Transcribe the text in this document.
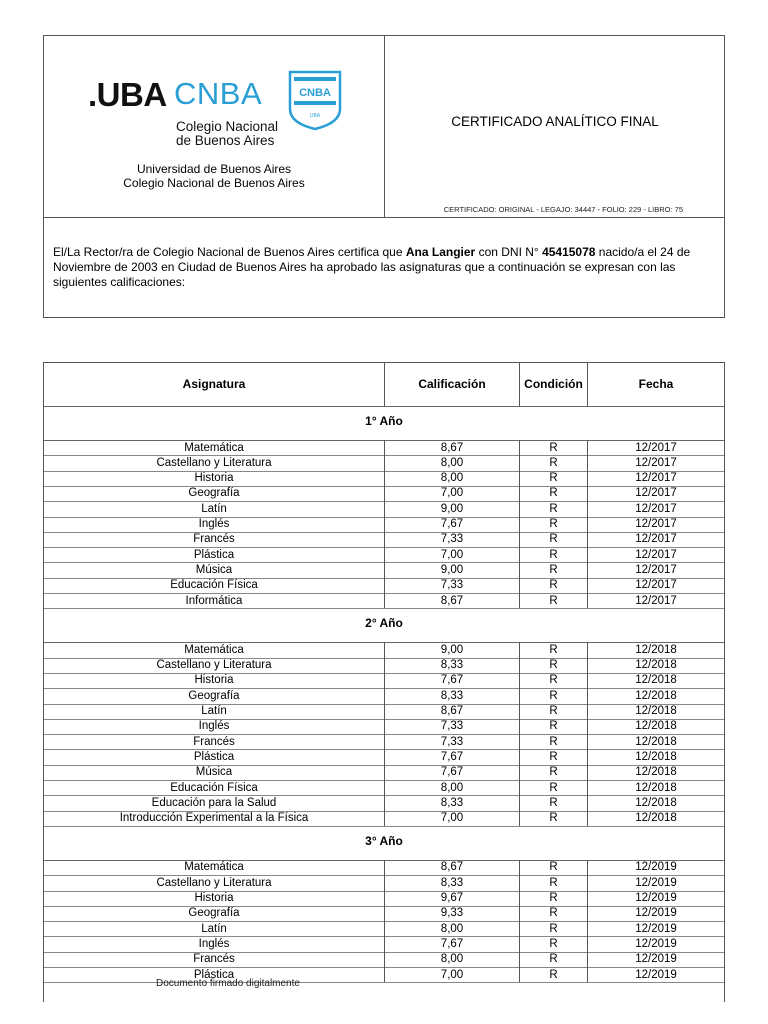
.UBA CNBA
Colegio Nacional
de Buenos Aires
CNBA
UBA
Universidad de Buenos Aires
Colegio Nacional de Buenos Aires
CERTIFICADO ANALÍTICO FINAL
CERTIFICADO: ORIGINAL - LEGAJO: 34447 - FOLIO: 229 - LIBRO: 75
El/La Rector/ra de Colegio Nacional de Buenos Aires certifica que Ana Langier con DNI N° 45415078 nacido/a el 24 de Noviembre de 2003 en Ciudad de Buenos Aires ha aprobado las asignaturas que a continuación se expresan con las siguientes calificaciones:
Asignatura	Calificación	Condición	Fecha
1° Año
Matemática	8,67	R	12/2017
Castellano y Literatura	8,00	R	12/2017
Historia	8,00	R	12/2017
Geografía	7,00	R	12/2017
Latín	9,00	R	12/2017
Inglés	7,67	R	12/2017
Francés	7,33	R	12/2017
Plástica	7,00	R	12/2017
Música	9,00	R	12/2017
Educación Física	7,33	R	12/2017
Informática	8,67	R	12/2017
2° Año
Matemática	9,00	R	12/2018
Castellano y Literatura	8,33	R	12/2018
Historia	7,67	R	12/2018
Geografía	8,33	R	12/2018
Latín	8,67	R	12/2018
Inglés	7,33	R	12/2018
Francés	7,33	R	12/2018
Plástica	7,67	R	12/2018
Música	7,67	R	12/2018
Educación Física	8,00	R	12/2018
Educación para la Salud	8,33	R	12/2018
Introducción Experimental a la Física	7,00	R	12/2018
3° Año
Matemática	8,67	R	12/2019
Castellano y Literatura	8,33	R	12/2019
Historia	9,67	R	12/2019
Geografía	9,33	R	12/2019
Latín	8,00	R	12/2019
Inglés	7,67	R	12/2019
Francés	8,00	R	12/2019
Plástica	7,00	R	12/2019
Documento firmado digitalmente
